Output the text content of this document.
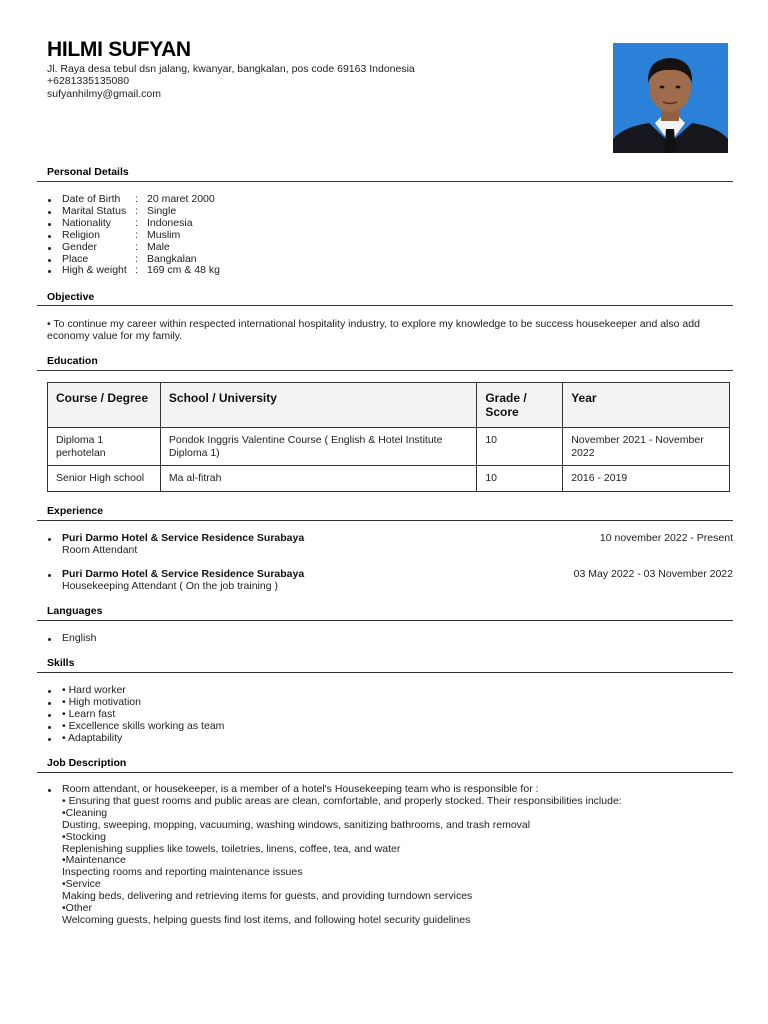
HILMI SUFYAN
Jl. Raya desa tebul dsn jalang, kwanyar, bangkalan, pos code 69163 Indonesia
+6281335135080
sufyanhilmy@gmail.com
Personal Details
Date of Birth : 20 maret 2000
Marital Status : Single
Nationality : Indonesia
Religion	: Muslim
Gender	: Male
Place	: Bangkalan
High & weight : 169 cm & 48 kg
Objective
• To continue my career within respected international hospitality industry, to explore my knowledge to be success housekeeper and also add economy value for my family.
Education
Course / Degree	School / University	Grade / Score	Year
Diploma 1 perhotelan	Pondok Inggris Valentine Course ( English & Hotel Institute Diploma 1)	10	November 2021 - November 2022
Senior High school	Ma al-fitrah	10	2016 - 2019
Experience
Puri Darmo Hotel & Service Residence Surabaya
Room Attendant
10 november 2022 - Present
Puri Darmo Hotel & Service Residence Surabaya
Housekeeping Attendant ( On the job training )
03 May 2022 - 03 November 2022
Languages
English
Skills
• Hard worker
• High motivation
• Learn fast
• Excellence skills working as team
• Adaptability
Job Description
Room attendant, or housekeeper, is a member of a hotel's Housekeeping team who is responsible for :
• Ensuring that guest rooms and public areas are clean, comfortable, and properly stocked. Their responsibilities include:
•Cleaning
Dusting, sweeping, mopping, vacuuming, washing windows, sanitizing bathrooms, and trash removal
•Stocking
Replenishing supplies like towels, toiletries, linens, coffee, tea, and water
•Maintenance
Inspecting rooms and reporting maintenance issues
•Service
Making beds, delivering and retrieving items for guests, and providing turndown services
•Other
Welcoming guests, helping guests find lost items, and following hotel security guidelines
